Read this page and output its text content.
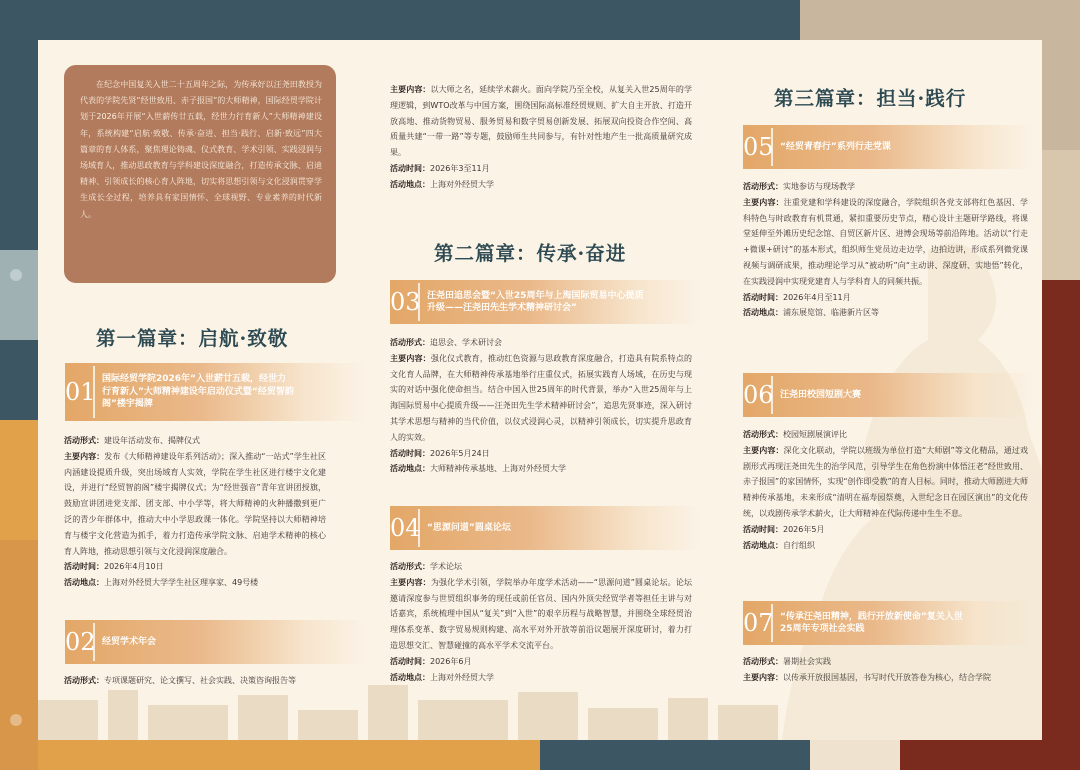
在纪念中国复关入世二十五周年之际，为传承好以汪尧田教授为代表的学院先贤“经世致用、赤子报国”的大师精神，国际经贸学院计划于2026年开展“入世薪传廿五载，经世力行育新人”大师精神建设年，系统构建“启航·致敬、传承·奋进、担当·践行、启新·致远”四大篇章的育人体系，聚焦理论铸魂、仪式教育、学术引领、实践浸润与场域育人，推动思政教育与学科建设深度融合，打造传承文脉、启迪精神、引领成长的核心育人阵地，切实将思想引领与文化浸润贯穿学生成长全过程，培养具有家国情怀、全球视野、专业素养的时代新人。
第一篇章：启航·致敬
01 国际经贸学院2026年“入世薪廿五载，经世力
行育新人”大师精神建设年启动仪式暨“经贸智韵
阁”楼宇揭牌
活动形式：建设年活动发布、揭牌仪式
主要内容：发布《大师精神建设年系列活动》；深入推动“一站式”学生社区内涵建设提质升级，突出场域育人实效，学院在学生社区进行楼宇文化建设，并进行“经贸智韵阁”楼宇揭牌仪式；为“经世强音”青年宣讲团授旗，鼓励宣讲团进党支部、团支部、中小学等，将大师精神的火种播撒到更广泛的青少年群体中，推动大中小学思政课一体化。学院坚持以大师精神培育与楼宇文化营造为抓手，着力打造传承学院文脉、启迪学术精神的核心育人阵地，推动思想引领与文化浸润深度融合。
活动时间：2026年4月10日
活动地点：上海对外经贸大学学生社区理享家、49号楼
02 经贸学术年会
活动形式：专项课题研究、论文撰写、社会实践、决策咨询报告等
主要内容：以大师之名，延续学术薪火。面向学院乃至全校，从复关入世25周年的学理逻辑，到WTO改革与中国方案，围绕国际高标准经贸规则、扩大自主开放、打造开放高地、推动货物贸易、服务贸易和数字贸易创新发展、拓展双向投资合作空间、高质量共建“一带一路”等专题，鼓励师生共同参与，有针对性地产生一批高质量研究成果。
活动时间：2026年3至11月
活动地点：上海对外经贸大学
第二篇章：传承·奋进
03 汪尧田追思会暨“入世25周年与上海国际贸易中心提质
升级——汪尧田先生学术精神研讨会”
活动形式：追思会、学术研讨会
主要内容：强化仪式教育，推动红色资源与思政教育深度融合，打造具有院系特点的文化育人品牌，在大师精神传承基地举行庄重仪式，拓展实践育人场域，在历史与现实的对话中强化使命担当。结合中国入世25周年的时代背景，举办“入世25周年与上海国际贸易中心提质升级——汪尧田先生学术精神研讨会”，追思先贤事迹，深入研讨其学术思想与精神的当代价值，以仪式浸润心灵，以精神引领成长，切实提升思政育人的实效。
活动时间：2026年5月24日
活动地点：大师精神传承基地、上海对外经贸大学
04 “思源问道”圆桌论坛
活动形式：学术论坛
主要内容：为强化学术引领，学院举办年度学术活动——“思源问道”圆桌论坛。论坛邀请深度参与世贸组织事务的现任或前任官员、国内外顶尖经贸学者等担任主讲与对话嘉宾，系统梳理中国从“复关”到“入世”的艰辛历程与战略智慧，并围绕全球经贸治理体系变革、数字贸易规则构建、高水平对外开放等前沿议题展开深度研讨，着力打造思想交汇、智慧碰撞的高水平学术交流平台。
活动时间：2026年6月
活动地点：上海对外经贸大学
第三篇章：担当·践行
05 “经贸青春行”系列行走党课
活动形式：实地参访与现场教学
主要内容：注重党建和学科建设的深度融合，学院组织各党支部将红色基因、学科特色与时政教育有机贯通，紧扣重要历史节点，精心设计主题研学路线，将课堂延伸至外滩历史纪念馆、自贸区新片区、进博会现场等前沿阵地。活动以“行走+微课+研讨”的基本形式，组织师生党员边走边学，边拍边讲，形成系列微党课视频与调研成果，推动理论学习从“被动听”向“主动讲、深度研、实地悟”转化，在实践浸润中实现党建育人与学科育人的同频共振。
活动时间：2026年4月至11月
活动地点：浦东展览馆、临港新片区等
06 汪尧田校园短剧大赛
活动形式：校园短剧展演评比
主要内容：深化文化联动，学院以班级为单位打造“大师剧”等文化精品，通过戏剧形式再现汪尧田先生的治学风范，引导学生在角色扮演中体悟汪老“经世致用、赤子报国”的家国情怀，实现“创作即受教”的育人目标。同时，推动大师剧进大师精神传承基地，未来形成“清明在福寿园祭奠，入世纪念日在园区演出”的文化传统，以戏剧传承学术薪火，让大师精神在代际传递中生生不息。
活动时间：2026年5月
活动地点：自行组织
07 “传承汪尧田精神，践行开放新使命”复关入世
25周年专项社会实践
活动形式：暑期社会实践
主要内容：以传承开放报国基因，书写时代开放答卷为核心，结合学院
